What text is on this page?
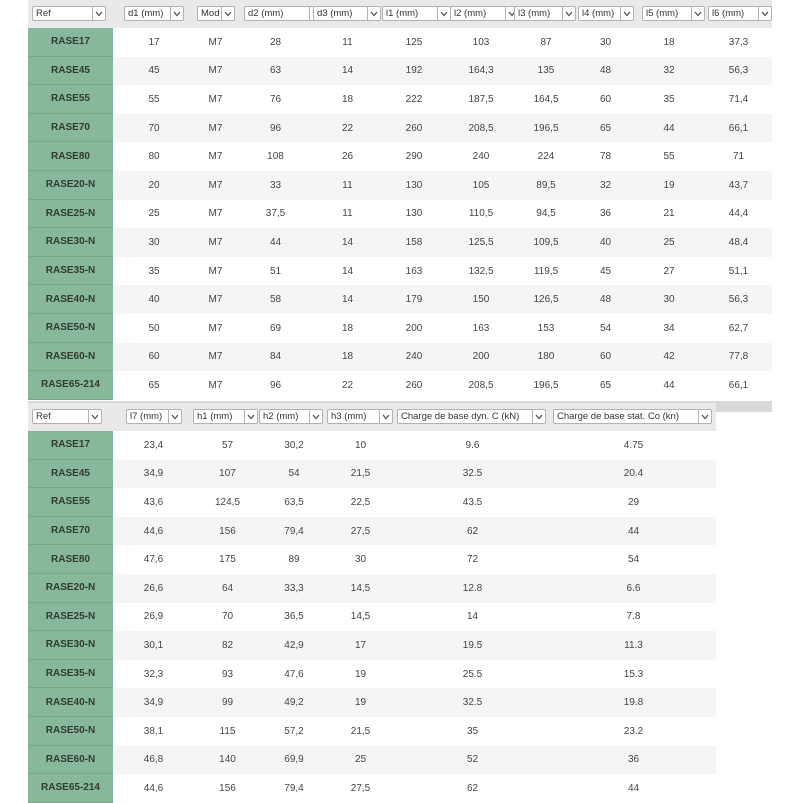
Ref	d1 (mm)	Mod	d2 (mm)	d3 (mm)	l1 (mm)	l2 (mm)	l3 (mm)	l4 (mm)	l5 (mm)	l6 (mm)
RASE17	17	M7	28	11	125	103	87	30	18	37,3
RASE45	45	M7	63	14	192	164,3	135	48	32	56,3
RASE55	55	M7	76	18	222	187,5	164,5	60	35	71,4
RASE70	70	M7	96	22	260	208,5	196,5	65	44	66,1
RASE80	80	M7	108	26	290	240	224	78	55	71
RASE20-N	20	M7	33	11	130	105	89,5	32	19	43,7
RASE25-N	25	M7	37,5	11	130	110,5	94,5	36	21	44,4
RASE30-N	30	M7	44	14	158	125,5	109,5	40	25	48,4
RASE35-N	35	M7	51	14	163	132,5	119,5	45	27	51,1
RASE40-N	40	M7	58	14	179	150	126,5	48	30	56,3
RASE50-N	50	M7	69	18	200	163	153	54	34	62,7
RASE60-N	60	M7	84	18	240	200	180	60	42	77,8
RASE65-214	65	M7	96	22	260	208,5	196,5	65	44	66,1
Ref	l7 (mm)	h1 (mm)	h2 (mm)	h3 (mm)	Charge de base dyn. C (kN)	Charge de base stat. Co (kn)
RASE17	23,4	57	30,2	10	9.6	4.75
RASE45	34,9	107	54	21,5	32.5	20.4
RASE55	43,6	124,5	63,5	22,5	43.5	29
RASE70	44,6	156	79,4	27,5	62	44
RASE80	47,6	175	89	30	72	54
RASE20-N	26,6	64	33,3	14,5	12.8	6.6
RASE25-N	26,9	70	36,5	14,5	14	7.8
RASE30-N	30,1	82	42,9	17	19.5	11.3
RASE35-N	32,3	93	47,6	19	25.5	15.3
RASE40-N	34,9	99	49,2	19	32.5	19.8
RASE50-N	38,1	115	57,2	21,5	35	23.2
RASE60-N	46,8	140	69,9	25	52	36
RASE65-214	44,6	156	79,4	27,5	62	44
